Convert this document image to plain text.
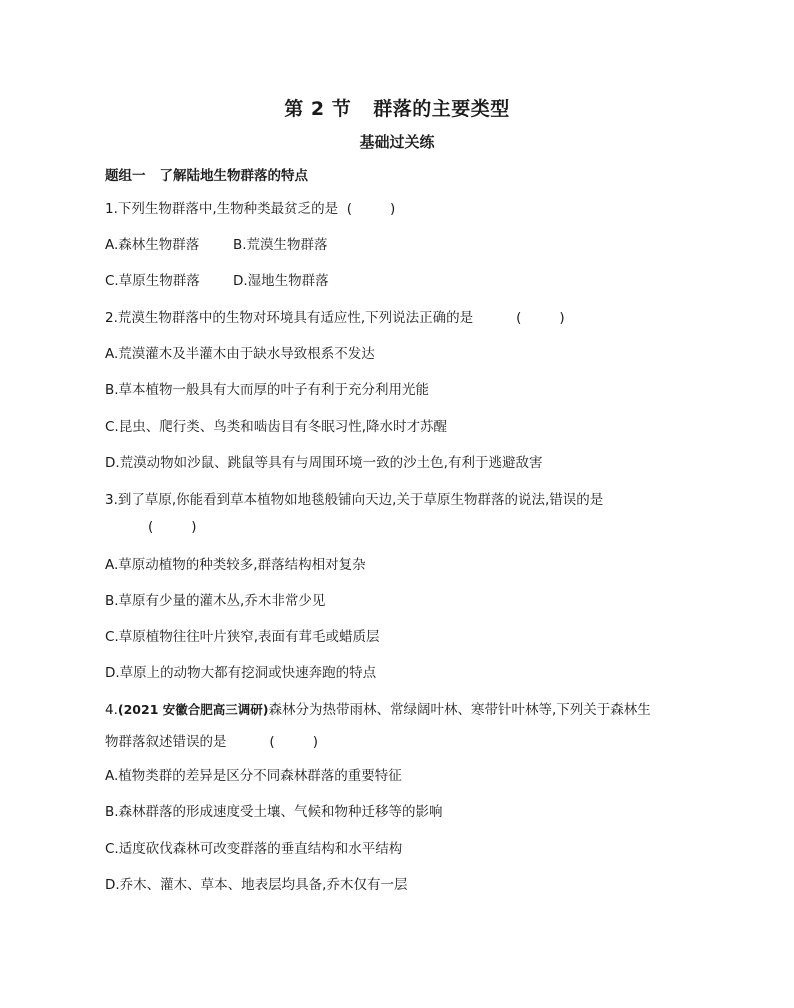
第 2 节 群落的主要类型
基础过关练
题组一 了解陆地生物群落的特点
1.下列生物群落中,生物种类最贫乏的是 (	)
A.森林生物群落 B.荒漠生物群落
C.草原生物群落 D.湿地生物群落
2.荒漠生物群落中的生物对环境具有适应性,下列说法正确的是	(	)
A.荒漠灌木及半灌木由于缺水导致根系不发达
B.草本植物一般具有大而厚的叶子有利于充分利用光能
C.昆虫、爬行类、鸟类和啮齿目有冬眠习性,降水时才苏醒
D.荒漠动物如沙鼠、跳鼠等具有与周围环境一致的沙土色,有利于逃避敌害
3.到了草原,你能看到草本植物如地毯般铺向天边,关于草原生物群落的说法,错误的是
(	)
A.草原动植物的种类较多,群落结构相对复杂
B.草原有少量的灌木丛,乔木非常少见
C.草原植物往往叶片狭窄,表面有茸毛或蜡质层
D.草原上的动物大都有挖洞或快速奔跑的特点
4.(2021 安徽合肥高三调研)森林分为热带雨林、常绿阔叶林、寒带针叶林等,下列关于森林生
物群落叙述错误的是	(	)
A.植物类群的差异是区分不同森林群落的重要特征
B.森林群落的形成速度受土壤、气候和物种迁移等的影响
C.适度砍伐森林可改变群落的垂直结构和水平结构
D.乔木、灌木、草本、地表层均具备,乔木仅有一层
